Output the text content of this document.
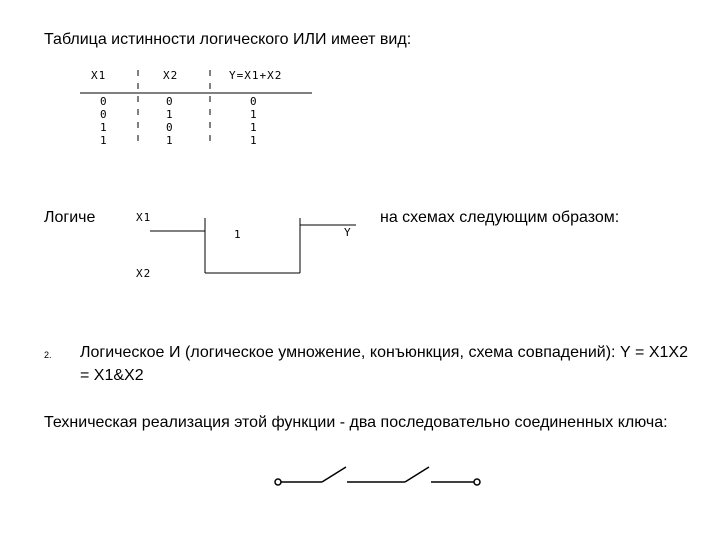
Таблица истинности логического ИЛИ имеет вид:
X1	X2	Y=X1+X2
0	0	0
0	1	1
1	0	1
1	1	1
Логиче	на схемах следующим образом:
X1
X2
1	Y
2. Логическое И (логическое умножение, конъюнкция, схема совпадений): Y = X1X2 = X1&X2
Техническая реализация этой функции - два последовательно соединенных ключа:
